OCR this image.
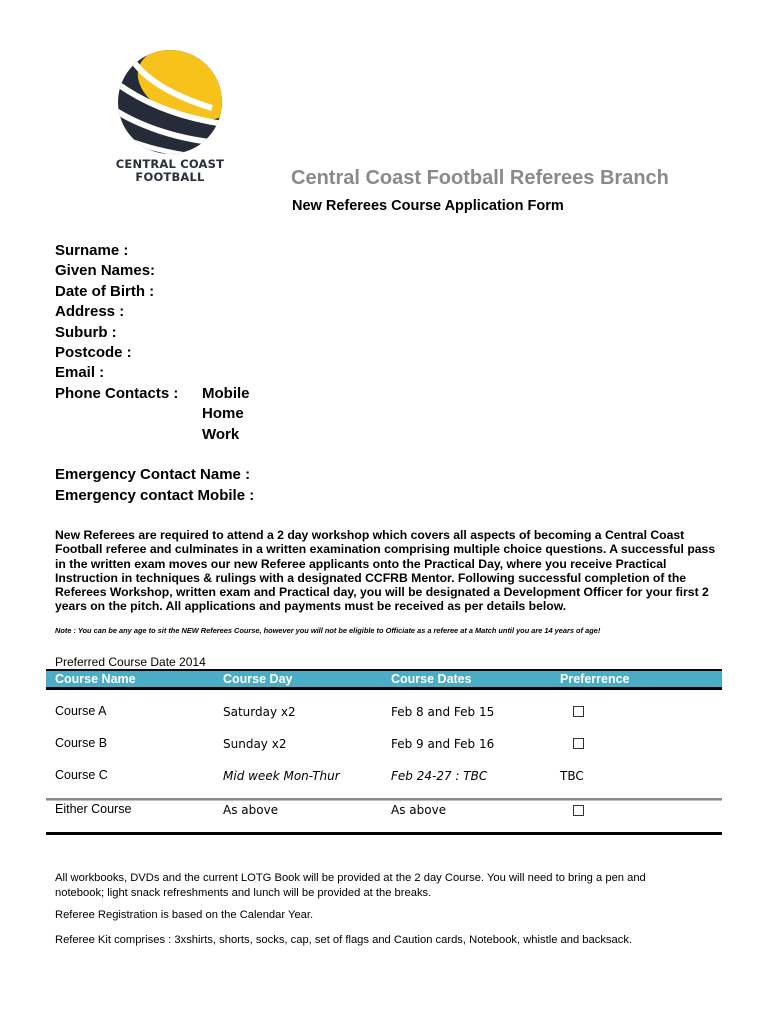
CENTRAL COAST
FOOTBALL	Central Coast Football Referees Branch
New Referees Course Application Form
Surname :
Given Names:
Date of Birth :
Address :
Suburb :
Postcode :
Email :
Phone Contacts : Mobile
Home
Work
Emergency Contact Name :
Emergency contact Mobile :
New Referees are required to attend a 2 day workshop which covers all aspects of becoming a Central Coast Football referee and culminates in a written examination comprising multiple choice questions. A successful pass in the written exam moves our new Referee applicants onto the Practical Day, where you receive Practical Instruction in techniques & rulings with a designated CCFRB Mentor. Following successful completion of the Referees Workshop, written exam and Practical day, you will be designated a Development Officer for your first 2 years on the pitch. All applications and payments must be received as per details below.
Note : You can be any age to sit the NEW Referees Course, however you will not be eligible to Officiate as a referee at a Match until you are 14 years of age!
Preferred Course Date 2014
Course Name	Course Day	Course Dates	Preferrence
Course A	Saturday x2	Feb 8 and Feb 15
Course B	Sunday x2	Feb 9 and Feb 16
Course C	Mid week Mon-Thur	Feb 24-27 : TBC	TBC
Either Course	As above	As above
All workbooks, DVDs and the current LOTG Book will be provided at the 2 day Course. You will need to bring a pen and notebook; light snack refreshments and lunch will be provided at the breaks.
Referee Registration is based on the Calendar Year.
Referee Kit comprises : 3xshirts, shorts, socks, cap, set of flags and Caution cards, Notebook, whistle and backsack.
